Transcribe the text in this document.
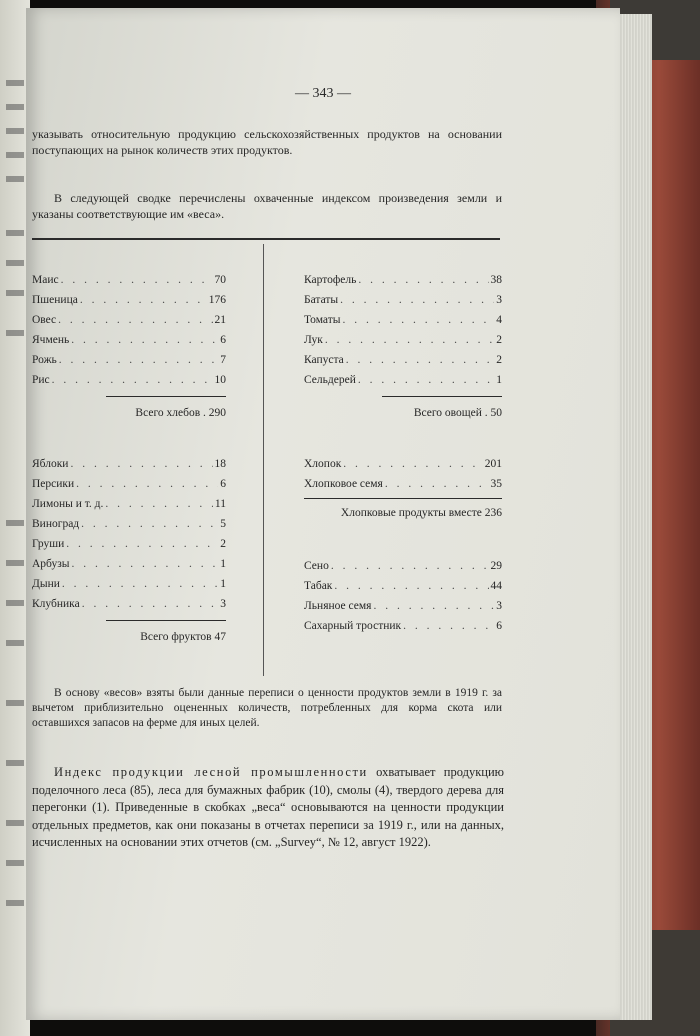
— 343 —

указывать относительную продукцию сельскохозяйственных продуктов на основании поступающих на рынок количеств этих продуктов.

В следующей сводке перечислены охваченные индексом произведения земли и указаны соответствующие им «веса».

Маис . . .	70
Пшеница . . .	176
Овес . . .	21
Ячмень . . .	6
Рожь . . .	7
Рис . . .	10
Всего хлебов . 290
Яблоки . . .	18
Персики . . .	6
Лимоны и т. д. . . .	11
Виноград . . .	5
Груши . . .	2
Арбузы . . .	1
Дыни . . .	1
Клубника . . .	3
Всего фруктов 47
Картофель . . .	38
Бататы . . .	3
Томаты . . .	4
Лук . . .	2
Капуста . . .	2
Сельдерей . . .	1
Всего овощей . 50
Хлопок . . .	201
Хлопковое семя . . .	35
Хлопковые продукты вместе 236
Сено . . .	29
Табак . . .	44
Льняное семя . . .	3
Сахарный тростник . . .	6

В основу «весов» взяты были данные переписи о ценности продуктов земли в 1919 г. за вычетом приблизительно оцененных количеств, потребленных для корма скота или оставшихся запасов на ферме для иных целей.

Индекс продукции лесной промышленности охватывает продукцию поделочного леса (85), леса для бумажных фабрик (10), смолы (4), твердого дерева для перегонки (1). Приведенные в скобках „веса“ основываются на ценности продукции отдельных предметов, как они показаны в отчетах переписи за 1919 г., или на данных, исчисленных на основании этих отчетов (см. „Survey“, № 12, август 1922).
